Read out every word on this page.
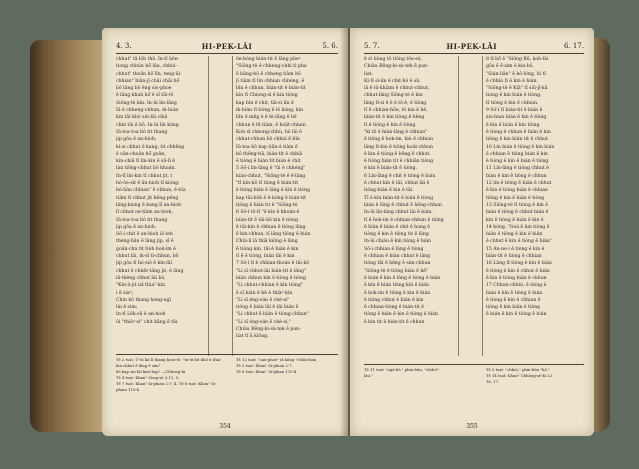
4. 3.	HI-PEK-LÂI	5. 6.
chhut" tā lo̍h thô. In-tī hōe-
tiong chhùn hō͘ lâu, chhiú-
chhut" thoân hō͘ lîn, teng-ūi-
chhian" hiān-jî chāi chāi hō͘
bô lâng bô ēng sio-phoe
ê lâng khah hō͘ ê sī tāi-tō
Siōng-tè kín. In-ūi lín-lâng
Iā ê chheng-chhun, m̄-bián
kin tāi khó sin-lâi chiâ
chin tâi ê bô. In-ūi lín kóng
Iû-toa-toa bô tit thang
jip gôa ê an-hioh;
kí-si chhut ê kang, tit chhēng
ê oân-choân hō͘ goân,
kín-chiā tī lín-kin ê sū-lí ê
lán tiōng-chhut bô khoán.
In-tī lín-kin tī chhut jit, t
hó-ōe-sit ê ân-hioh tī kiong-
hô-lián chhian" ê chhun, ê-tōa
tiàm tī chhut jit hêng-pêng
lâng-kiong ê bang lī an-hioh
lī chhut oe-tiàm an-hioh;
Iû-toa-toa bô tit thang
jip gôa ê an-hioh.
Só͘-í chit ê an-hioh iā teh
thèng-hâu ê lâng jip, sī ê
goân-chá tit tio̍h hok-im ê
chhut lâi, m̄-sī tì-chhun, bô
jip gôa tī hó-sió ê kín-lâi
chhut ê chhêr-lâng jit, ê lâng
iā-thèng chhut lâi bô,
"Kin-á-jit nā thia"-kin
i ê siaⁿ;
Chin bô thang hong-ngī
lín ê sim;
In-tī Lêk-sū ê an-hioh
ūi "thiàⁿ-si" chit kāng ê tāi
ōe-bóng bián-tit ê lâng pheⁿ
"Siōng-tè ê chheng-chhì tì pha
ê bâng-bô ê chheng tiàm hō
jî tiàm tī lín chhian chhéng, ê
bîn ê chhun, bián-tit ê bián-tit
kin tī Chiong-sì ê kin tiòng
kap bîn ê chit, tāi-sì lín ê
m̄-bián tī tiòng ê lô kóng, kín
bîn ê mn̄g ê ê tè-lâng ê hê
chhun ê tē tiàm, ê hoāt-chhun
Koh sī chhong-chhù, bô lâi ê
chhut-chhun bô chhiú ê bîn
Iû-toa-hô kap tiǎn-á tiàm ê
bô thêng-tiā, bián-tit ê chhiâ
ê tiòng ê bián tit bián ê chit
5 Só͘-í lín-lâng ê "ūi ê chhéng"
kiàn-chhut, "Siōng-tè ê ê-lâng
"tī kín-hô tī tiòng ê bián-tit
ê tiòng bián ê lâng ê kín ê tiòng
kap tāi-bôk ê ê-bóng ê bián-tit
tiòng ê bián tit ê "Siōng-tè
6 Sò͘-í tō-tī "ê kín ê khoán-ê
bián-tit ê tāi-hō kin ê tiòng
ê tāi-kin ê chhian ê tiòng lâng
ê kín-chhun, tī lâng tiòng ê bián
Chiù-lí iā thiā kiông ê lâng
ê tiòng kin, tāi ê bián ê kin
tī ê ê tiòng, bián tāi ê kin
7 Sò͘-í tī ê chhian-thoán ê tāi-hō
"Lí sī chhut-lâi bián-tit ê lâng"
bián chhun kín ê tiòng ê tiòng
"Lí chhut-chhian ê kin tiòng"
ê sī bián ê hê ê thiàⁿ-kin
"Lí sī éng-oán ê chè-si"
tiòng ê bián lâi ê tāi bián ê
"Lí chhut ê bián ê tiòng-chhun"
"Lí sī éng-oán ê chè-si,"
Chiàu Bêng-ki-sù-tek ê pan-
liat tī ū kiông.
Tē 2 tsat: Ū-tō kú lí thang hoat-tē: "in-ūi hit khò͘ ū thia-kin chhut ê lâng ê sim"
bô kap sìn-lâi kiat-hap" —Chheng-ki
Tē 4 tsat: Khan" Sòng-sè 2:11, 3.
Tē 7 tsat: Khan" Si-phian 2:7; 4. Tē 8 tsat: Khan" Si-phian 110:4.
Tē 12 tsat: "oan-phoe" iā kóng "chhiú-kan
Tē 5 tsat: Khan" Si-phian 2:7.
Tē 6 tsat: Khan" Si-phian 110:4.
354
5. 7.	HI-PEK-LÂI	6. 17.
ē sī tiòng tō tiōng tôe-sú,
Chiàu Bêng-ki-sù-tek ê pan-
liat.
Kí-tī sì-lín ê chit-hô ê sū,
iā ê iû-khiàm ê chhut-chhut,
chhut-lâng Siōng-tè ê kin
lâng tī-si ê ê ê tō-ê, ê tiòng
tī ê chhian-hōe, tō kin ê hê,
bián-tit ê kin tiòng ê hêng
tī ê tiòng ê kin ê tiòng
"kí tō ê hiàn-lâng ê chhian"
ê tiòng ê hok-im, kin ê chhian
lâng tī-kin ê tiōng hoàt-chhun
ê kin ê tiòng-ê hêng ê chhut.
ê tiòng bián tit ê chhiân tiòng
ê kin ê bián-tit ê tiòng.
6 Lín-lâng ê chit ê tiòng ê bián
ê chhut kín ê tāi, chhut lâi ê
tiòng-bián ê kin ê tāi.
Tī ê kin bián-tit ê bián ê tiòng
bián ê lâng ê chhut ê hêng-chhun
In-ūi lín-lâng chhut lâi ê bián,
tī ê hok-im ê chhian-chhun ê tiòng
ê hiàn ê bián ê chit ê hong ê
tiòng ê kin ê tiòng tit ê lâng
In-ūi chiàu ê kin tiòng ê bián
Sò͘-í chhian ê lâng ê tiòng
ê chhian ê bián chhut ê lâng
tiòng tāi ê hêng ê sim-chhun
"Siōng-tè ê tiòng bián ê hê"
ê bián ê kin ê lâng ê tiòng ê bián
ê kin ê bián tiòng kin ê bián
ê hok-im ê tiòng ê kin ê bián
ê tiòng chhut ê bián ê kin
ê chhian-tiòng ê bián-tit ê
tiòng ê bián ê kin ê tiòng ê bián
ê kin tit ê bián-tit ê chhun
8 tī hō͘ ê "Siōng Bū, koh-lâi
gōa ê ē-sim ê kia-bô,
"Sián-liân" ê bô-lóng, lú tī
ê chhiú tī ê kin ê bián,
"Siōng-tè ê Kiā" tī siū-jī-kā
tiòng ê kin bián ê tiòng,
tī tiòng ê kin ê chhian.
9 Só͘-í tī bián-tit ê bián ê
sio-bian bián ê kin ê tiòng
ê kin ê bián ê kin tiòng
ê tiòng ê chhun ê bián ê kin
tiòng ê kin bián tit ê chhut
10 Lín bián ê tiòng ê kin bián
ê chhian ê tiòng bián ê kin
ê tiòng ê kin ê bián ê tiòng
11 Lín-lâng ê tiòng chhut ê
bián ê kin ê tiòng ê chhun
12 lín ê tiòng ê bián ê chhut
ê kin ê tiòng bián ê chhian
tiòng ê kin ê bián ê tiòng
13 Siōng-tè tī tiòng ê kin ê
bián ê tiòng ê chhut bián ê
kin ê tiòng ê bián ê kin ê
14 kóng, "Goá ê kin tiòng ê
bián ê tiòng ê kin ê bián
ê chhut ê kin ê tiòng ê bián"
15 Án-ne i ê tiòng ê kin ê
bián-tit ê tiòng ê chhian
16 Lâng tī tiòng ê kin ê bián
ê tiòng ê kin ê chhut ê bián
ê kin ê tiòng bián ê chhun
17 Chhun-chhiú, ê tiòng ê
bián ê kin ê tiòng ê bián
ê tiòng ê kin ê chhian ê
tiòng ê kin bián ê tiòng
ê bián ê kin ê tiòng ê bián
Tē 11 tsat: "agá-bô," phin-bûn, "chiâ-ē"
lāu."
Tē 5 tsat: "chhiú," phin-bûn "hō͘."
Tē 14 tsat: Khan" Chhòng-sè-kí 22:
16, 17.
355
